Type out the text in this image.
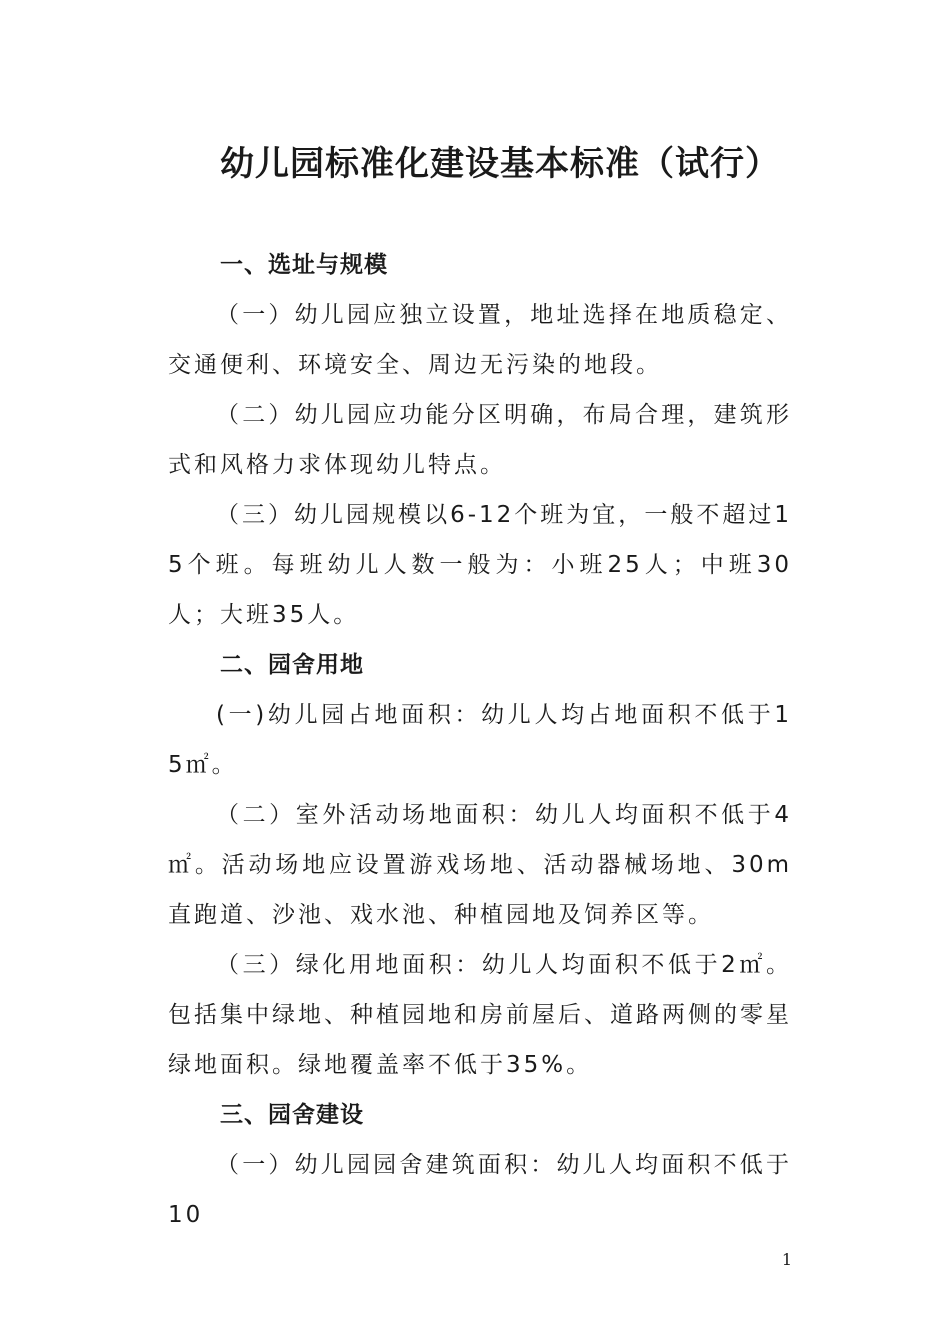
幼儿园标准化建设基本标准（试行）
一、选址与规模

（一）幼儿园应独立设置，地址选择在地质稳定、交通便利、环境安全、周边无污染的地段。

（二）幼儿园应功能分区明确，布局合理，建筑形式和风格力求体现幼儿特点。

（三）幼儿园规模以6-12个班为宜，一般不超过15个班。每班幼儿人数一般为：小班25人；中班30人；大班35人。

二、园舍用地

(一)幼儿园占地面积：幼儿人均占地面积不低于15㎡。

（二）室外活动场地面积：幼儿人均面积不低于4㎡。活动场地应设置游戏场地、活动器械场地、30m直跑道、沙池、戏水池、种植园地及饲养区等。

（三）绿化用地面积：幼儿人均面积不低于2㎡。包括集中绿地、种植园地和房前屋后、道路两侧的零星绿地面积。绿地覆盖率不低于35%。

三、园舍建设

（一）幼儿园园舍建筑面积：幼儿人均面积不低于10

1
